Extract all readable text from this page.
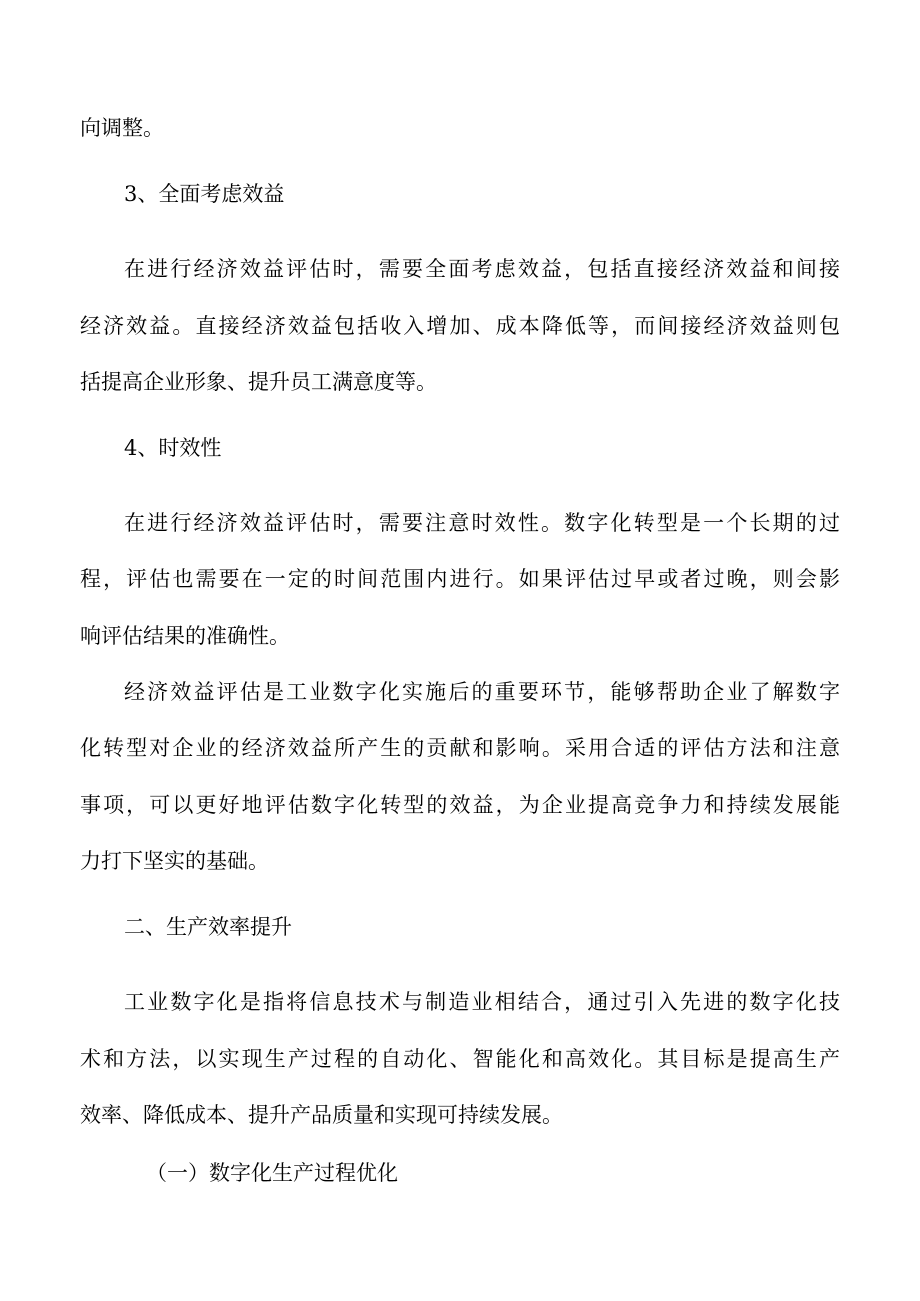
向调整。
3、全面考虑效益
在进行经济效益评估时，需要全面考虑效益，包括直接经济效益和间接
经济效益。直接经济效益包括收入增加、成本降低等，而间接经济效益则包
括提高企业形象、提升员工满意度等。
4、时效性
在进行经济效益评估时，需要注意时效性。数字化转型是一个长期的过
程，评估也需要在一定的时间范围内进行。如果评估过早或者过晚，则会影
响评估结果的准确性。
经济效益评估是工业数字化实施后的重要环节，能够帮助企业了解数字
化转型对企业的经济效益所产生的贡献和影响。采用合适的评估方法和注意
事项，可以更好地评估数字化转型的效益，为企业提高竞争力和持续发展能
力打下坚实的基础。
二、生产效率提升
工业数字化是指将信息技术与制造业相结合，通过引入先进的数字化技
术和方法，以实现生产过程的自动化、智能化和高效化。其目标是提高生产
效率、降低成本、提升产品质量和实现可持续发展。
（一）数字化生产过程优化
